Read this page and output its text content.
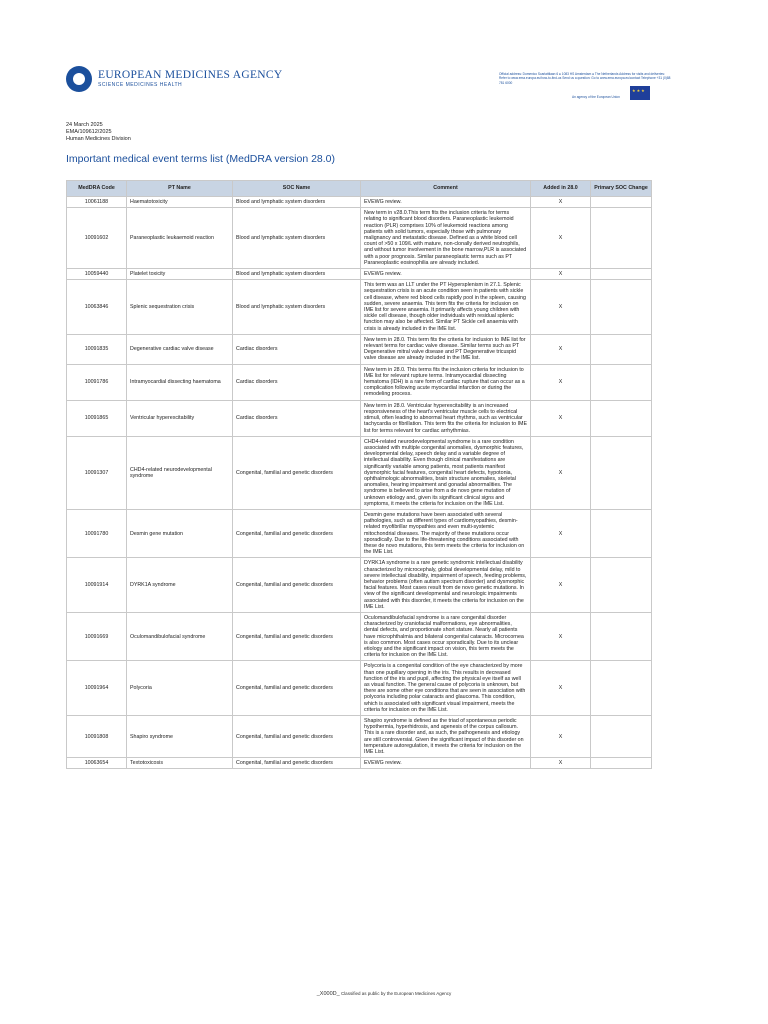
EUROPEAN MEDICINES AGENCY
SCIENCE MEDICINES HEALTH
Official address: Domenico Scarlattilaan 6 ● 1083 HS Amsterdam ● The Netherlands Address for visits and deliveries: Refer to www.ema.europa.eu/how-to-find-us Send us a question: Go to www.ema.europa.eu/contact Telephone +31 (0)88 781 6000
An agency of the European Union
★★★
24 March 2025
EMA/109612/2025
Human Medicines Division
Important medical event terms list (MedDRA version 28.0)
MedDRA Code	PT Name	SOC Name	Comment	Added in 28.0	Primary SOC Change
10061188	Haematotoxicity	Blood and lymphatic system disorders	EVEWG review.	X	
10091602	Paraneoplastic leukaemoid reaction	Blood and lymphatic system disorders	New term in v28.0.This term fits the inclusion criteria for terms relating to significant blood disorders. Paraneoplastic leukemoid reaction (PLR) comprises 10% of leukemoid reactions among patients with solid tumors, especially those with pulmonary malignancy and metastatic disease. Defined as a white blood cell count of >50 x 109/L with mature, non-clonally derived neutrophils, and without tumor involvement in the bone marrow,PLR is associated with a poor prognosis. Similar paraneoplastic terms such as PT Paraneoplastic eosinophilia are already included.	X	
10059440	Platelet toxicity	Blood and lymphatic system disorders	EVEWG review.	X	
10063846	Splenic sequestration crisis	Blood and lymphatic system disorders	This term was an LLT under the PT Hypersplenism in 27.1. Splenic sequestration crisis is an acute condition seen in patients with sickle cell disease, where red blood cells rapidly pool in the spleen, causing sudden, severe anaemia. This term fits the criteria for inclusion on IME list for severe anaemia. It primarily affects young children with sickle cell disease, though older individuals with residual splenic function may also be affected. Similar PT Sickle cell anaemia with crisis is already included in the IME list.	X	
10091835	Degenerative cardiac valve disease	Cardiac disorders	New term in 28.0. This term fits the criteria for inclusion to IME list for relevant terms for cardiac valve disease. Similar terms such as PT Degenerative mitral valve disease and PT Degenerative tricuspid valve disease are already included in the IME list.	X	
10091786	Intramyocardial dissecting haematoma	Cardiac disorders	New term in 28.0. This terms fits the inclusion criteria for inclusion to IME list for relevant rupture terms. Intramyocardial dissecting hematoma (IDH) is a rare form of cardiac rupture that can occur as a complication following acute myocardial infarction or during the remodeling process.	X	
10091865	Ventricular hyperexcitability	Cardiac disorders	New term in 28.0. Ventricular hyperexcitability is an increased responsiveness of the heart's ventricular muscle cells to electrical stimuli, often leading to abnormal heart rhythms, such as ventricular tachycardia or fibrillation. This term fits the criteria for inclusion to IME list for terms relevant for cardiac arrhythmias.	X	
10091307	CHD4-related neurodevelopmental syndrome	Congenital, familial and genetic disorders	CHD4-related neurodevelopmental syndrome is a rare condition associated with multiple congenital anomalies, dysmorphic features, developmental delay, speech delay and a variable degree of intellectual disability. Even though clinical manifestations are significantly variable among patients, most patients manifest dysmorphic facial features, congenital heart defects, hypotonia, ophthalmologic abnormalities, brain structure anomalies, skeletal anomalies, hearing impairment and gonadal abnormalities. The syndrome is believed to arise from a de novo gene mutation of unknown etiology and, given its significant clinical signs and symptoms, it meets the criteria for inclusion on the IME List.	X	
10091780	Desmin gene mutation	Congenital, familial and genetic disorders	Desmin gene mutations have been associated with several pathologies, such as different types of cardiomyopathies, desmin-related myofibrillar myopathies and even multi-systemic mitochondrial diseases. The majority of these mutations occur sporadically. Due to the life-threatening conditions associated with these de novo mutations, this term meets the criteria for inclusion on the IME List.	X	
10091914	DYRK1A syndrome	Congenital, familial and genetic disorders	DYRK1A syndrome is a rare genetic syndromic intellectual disability characterized by microcephaly, global developmental delay, mild to severe intellectual disability, impairment of speech, feeding problems, behavior problems (often autism spectrum disorder) and dysmorphic facial features. Most cases result from de novo genetic mutations. In view of the significant developmental and neurologic impairments associated with this disorder, it meets the criteria for inclusion on the IME List.	X	
10091669	Oculomandibulofacial syndrome	Congenital, familial and genetic disorders	Oculomandibulofacial syndrome is a rare congenital disorder characterized by craniofacial malformations, eye abnormalities, dental defects, and proportionate short stature. Nearly all patients have microphthalmia and bilateral congenital cataracts. Microcornea is also common. Most cases occur sporadically. Due to its unclear etiology and the significant impact on vision, this term meets the criteria for inclusion on the IME List.	X	
10091964	Polycoria	Congenital, familial and genetic disorders	Polycoria is a congenital condition of the eye characterized by more than one pupillary opening in the iris. This results in decreased function of the iris and pupil, affecting the physical eye itself as well as visual function. The general cause of polycoria is unknown, but there are some other eye conditions that are seen in association with polycoria including polar cataracts and glaucoma. This condition, which is associated with significant visual impairment, meets the criteria for inclusion on the IME List.	X	
10091808	Shapiro syndrome	Congenital, familial and genetic disorders	Shapiro syndrome is defined as the triad of spontaneous periodic hypothermia, hyperhidrosis, and agenesis of the corpus callosum. This is a rare disorder and, as such, the pathogenesis and etiology are still controversial. Given the significant impact of this disorder on temperature autoregulation, it meets the criteria for inclusion on the IME List.	X	
10063654	Textotoxicosis	Congenital, familial and genetic disorders	EVEWG review.	X	
_X000D_ Classified as public by the European Medicines Agency
